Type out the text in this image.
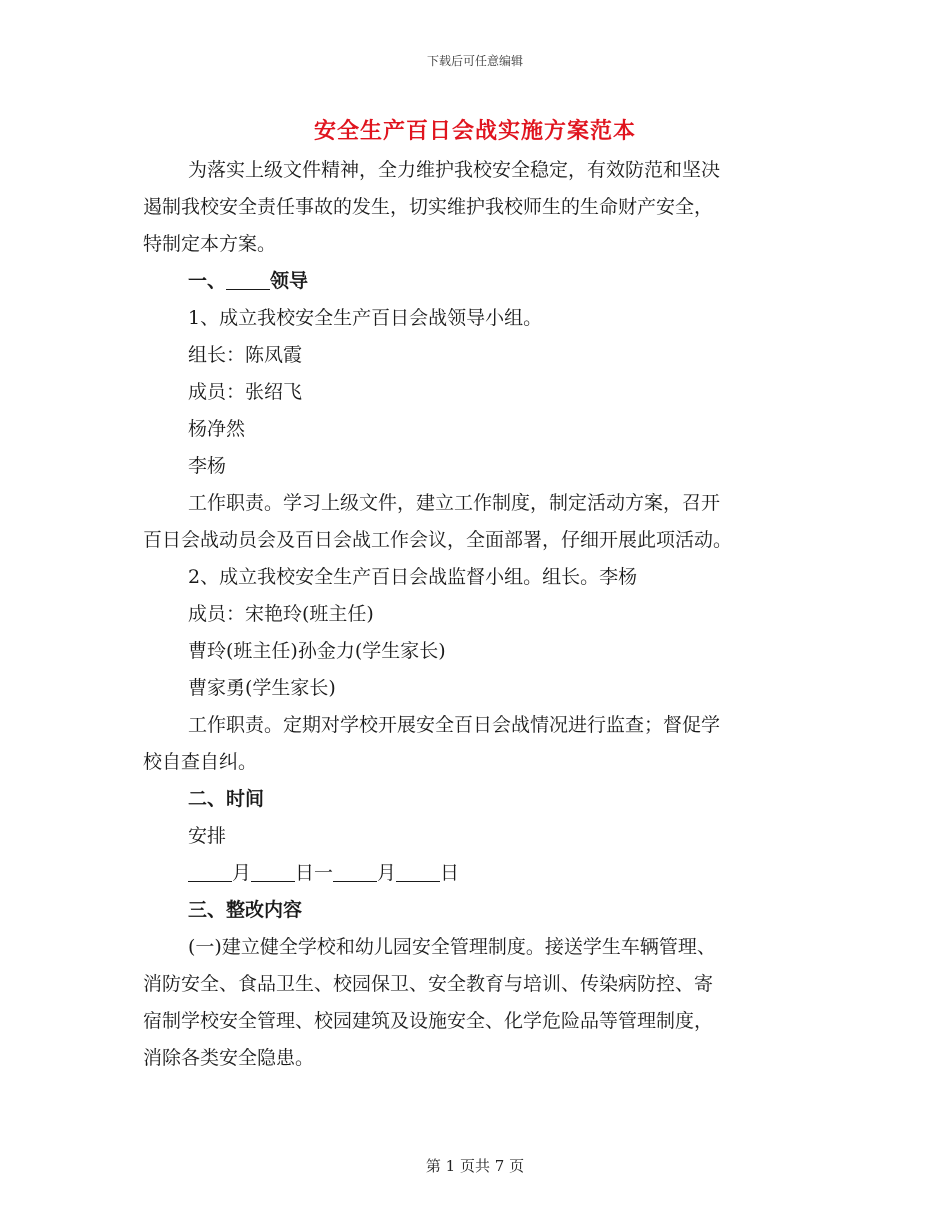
下载后可任意编辑
安全生产百日会战实施方案范本
为落实上级文件精神，全力维护我校安全稳定，有效防范和坚决
遏制我校安全责任事故的发生，切实维护我校师生的生命财产安全，
特制定本方案。
一、 领导
1、成立我校安全生产百日会战领导小组。
组长：陈凤霞
成员：张绍飞
杨净然
李杨
工作职责。学习上级文件，建立工作制度，制定活动方案，召开
百日会战动员会及百日会战工作会议，全面部署，仔细开展此项活动。
2、成立我校安全生产百日会战监督小组。组长。李杨
成员：宋艳玲(班主任)
曹玲(班主任)孙金力(学生家长)
曹家勇(学生家长)
工作职责。定期对学校开展安全百日会战情况进行监查；督促学
校自查自纠。
二、时间
安排
月 日一 月 日
三、整改内容
(一)建立健全学校和幼儿园安全管理制度。接送学生车辆管理、
消防安全、食品卫生、校园保卫、安全教育与培训、传染病防控、寄
宿制学校安全管理、校园建筑及设施安全、化学危险品等管理制度，
消除各类安全隐患。
第 1 页共 7 页
